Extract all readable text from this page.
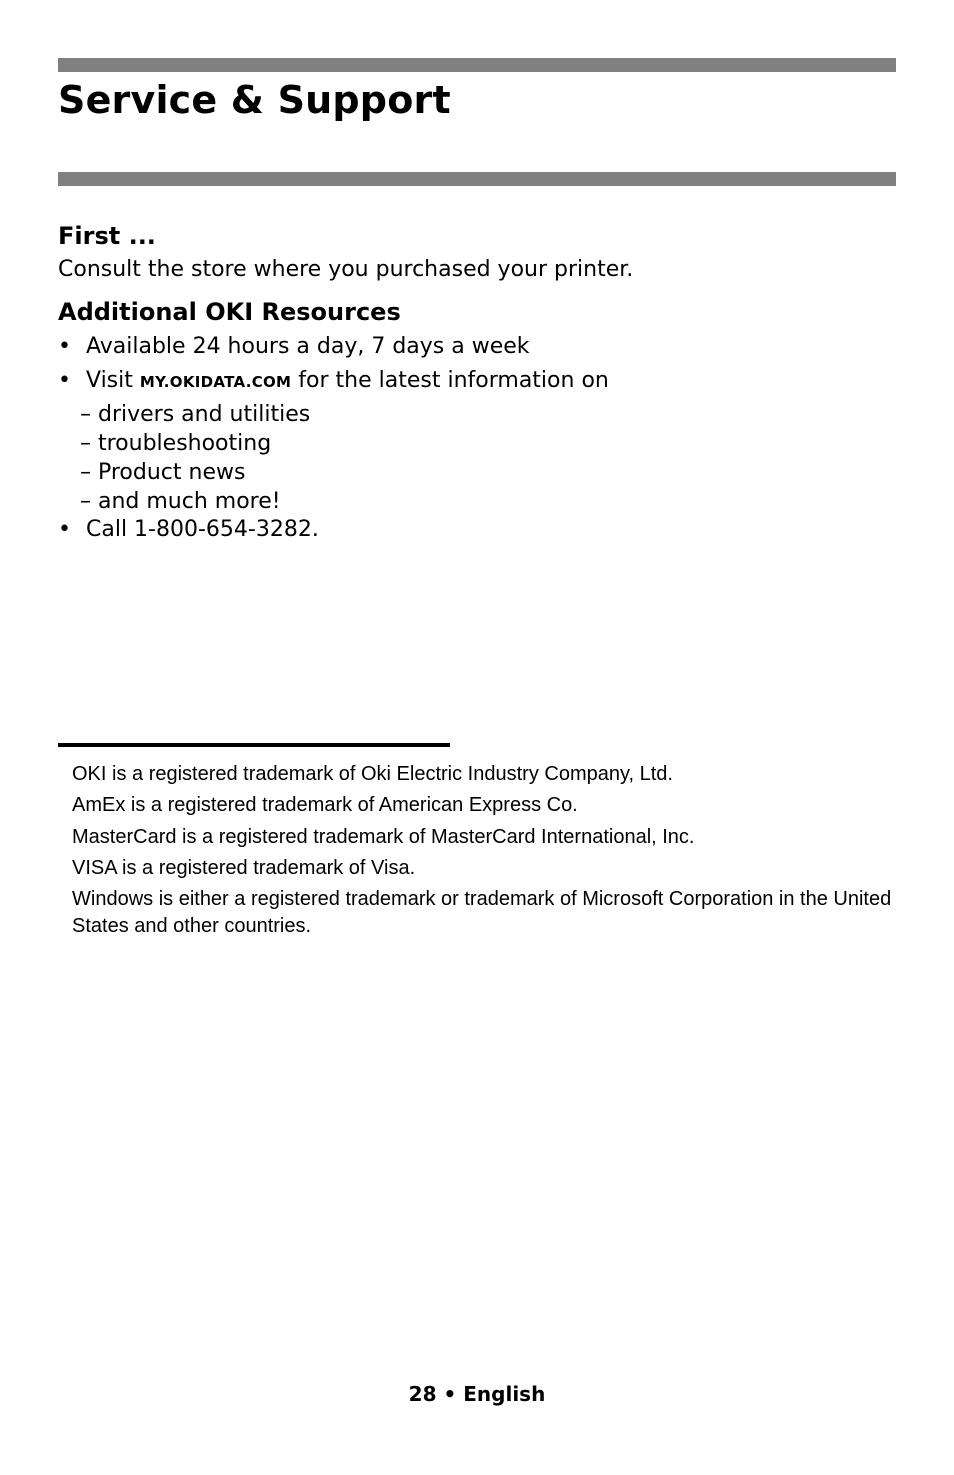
Service & Support
First ...

Consult the store where you purchased your printer.

Additional OKI Resources
• Available 24 hours a day, 7 days a week
• Visit MY.OKIDATA.COM for the latest information on
– drivers and utilities
– troubleshooting
– Product news
– and much more!
• Call 1-800-654-3282.

OKI is a registered trademark of Oki Electric Industry Company, Ltd.

AmEx is a registered trademark of American Express Co.

MasterCard is a registered trademark of MasterCard International, Inc.

VISA is a registered trademark of Visa.

Windows is either a registered trademark or trademark of Microsoft Corporation in the United States and other countries.

28 • English
